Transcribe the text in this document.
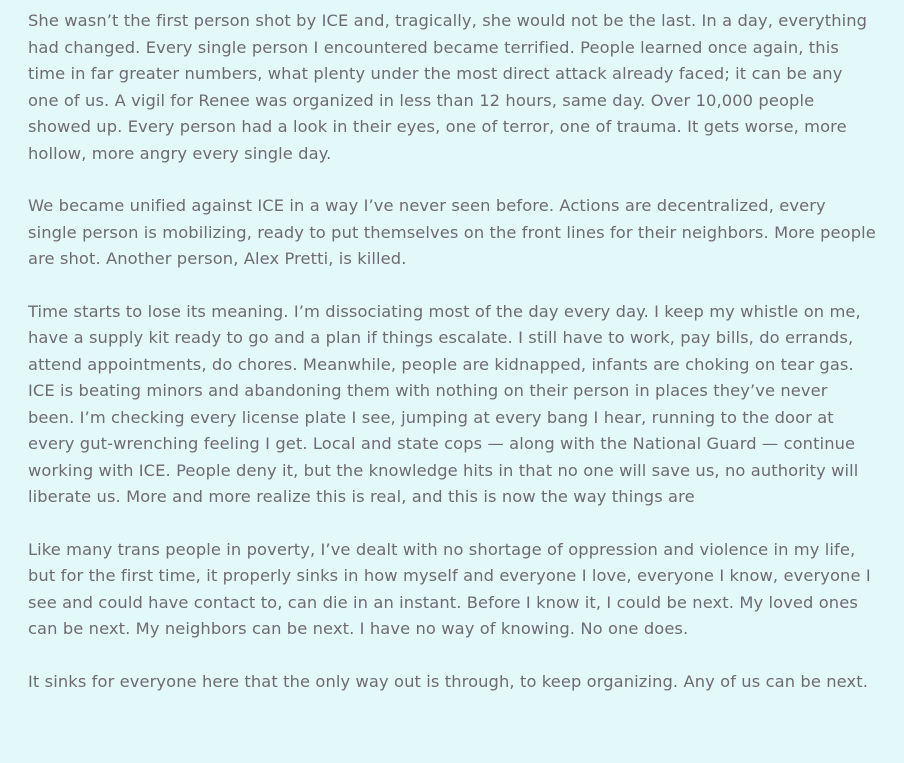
She wasn’t the first person shot by ICE and, tragically, she would not be the last. In a day, everything had changed. Every single person I encountered became terrified. People learned once again, this time in far greater numbers, what plenty under the most direct attack already faced; it can be any one of us. A vigil for Renee was organized in less than 12 hours, same day. Over 10,000 people showed up. Every person had a look in their eyes, one of terror, one of trauma. It gets worse, more hollow, more angry every single day.

We became unified against ICE in a way I’ve never seen before. Actions are decentralized, every single person is mobilizing, ready to put themselves on the front lines for their neighbors. More people are shot. Another person, Alex Pretti, is killed.

Time starts to lose its meaning. I’m dissociating most of the day every day. I keep my whistle on me, have a supply kit ready to go and a plan if things escalate. I still have to work, pay bills, do errands, attend appointments, do chores. Meanwhile, people are kidnapped, infants are choking on tear gas. ICE is beating minors and abandoning them with nothing on their person in places they’ve never been. I’m checking every license plate I see, jumping at every bang I hear, running to the door at every gut-wrenching feeling I get. Local and state cops — along with the National Guard — continue working with ICE. People deny it, but the knowledge hits in that no one will save us, no authority will liberate us. More and more realize this is real, and this is now the way things are

Like many trans people in poverty, I’ve dealt with no shortage of oppression and violence in my life, but for the first time, it properly sinks in how myself and everyone I love, everyone I know, everyone I see and could have contact to, can die in an instant. Before I know it, I could be next. My loved ones can be next. My neighbors can be next. I have no way of knowing. No one does.

It sinks for everyone here that the only way out is through, to keep organizing. Any of us can be next.
